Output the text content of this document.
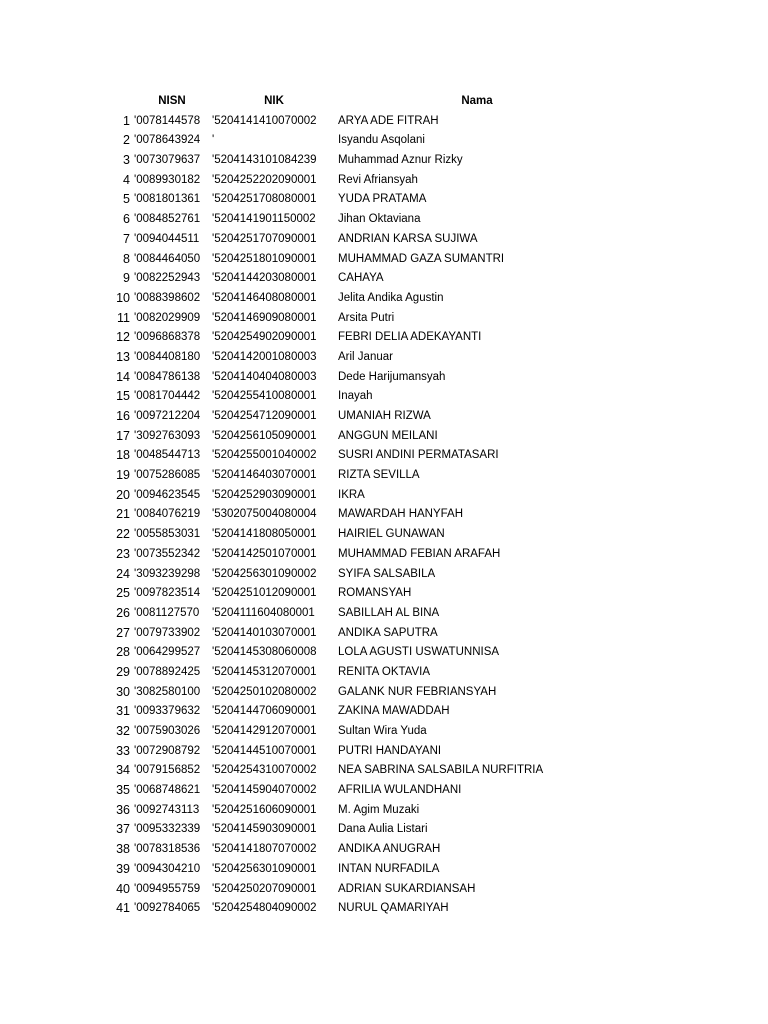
NISN	NIK	Nama
1 '0078144578 '5204141410070002 ARYA ADE FITRAH
2 '0078643924 '	Isyandu Asqolani
3 '0073079637 '5204143101084239 Muhammad Aznur Rizky
4 '0089930182 '5204252202090001 Revi Afriansyah
5 '0081801361 '5204251708080001 YUDA PRATAMA
6 '0084852761 '5204141901150002 Jihan Oktaviana
7 '0094044511 '5204251707090001 ANDRIAN KARSA SUJIWA
8 '0084464050 '5204251801090001 MUHAMMAD GAZA SUMANTRI
9 '0082252943 '5204144203080001 CAHAYA
10 '0088398602 '5204146408080001 Jelita Andika Agustin
11 '0082029909 '5204146909080001 Arsita Putri
12 '0096868378 '5204254902090001 FEBRI DELIA ADEKAYANTI
13 '0084408180 '5204142001080003 Aril Januar
14 '0084786138 '5204140404080003 Dede Harijumansyah
15 '0081704442 '5204255410080001 Inayah
16 '0097212204 '5204254712090001 UMANIAH RIZWA
17 '3092763093 '5204256105090001 ANGGUN MEILANI
18 '0048544713 '5204255001040002 SUSRI ANDINI PERMATASARI
19 '0075286085 '5204146403070001 RIZTA SEVILLA
20 '0094623545 '5204252903090001 IKRA
21 '0084076219 '5302075004080004 MAWARDAH HANYFAH
22 '0055853031 '5204141808050001 HAIRIEL GUNAWAN
23 '0073552342 '5204142501070001 MUHAMMAD FEBIAN ARAFAH
24 '3093239298 '5204256301090002 SYIFA SALSABILA
25 '0097823514 '5204251012090001 ROMANSYAH
26 '0081127570 '5204111604080001 SABILLAH AL BINA
27 '0079733902 '5204140103070001 ANDIKA SAPUTRA
28 '0064299527 '5204145308060008 LOLA AGUSTI USWATUNNISA
29 '0078892425 '5204145312070001 RENITA OKTAVIA
30 '3082580100 '5204250102080002 GALANK NUR FEBRIANSYAH
31 '0093379632 '5204144706090001 ZAKINA MAWADDAH
32 '0075903026 '5204142912070001 Sultan Wira Yuda
33 '0072908792 '5204144510070001 PUTRI HANDAYANI
34 '0079156852 '5204254310070002 NEA SABRINA SALSABILA NURFITRIA
35 '0068748621 '5204145904070002 AFRILIA WULANDHANI
36 '0092743113 '5204251606090001 M. Agim Muzaki
37 '0095332339 '5204145903090001 Dana Aulia Listari
38 '0078318536 '5204141807070002 ANDIKA ANUGRAH
39 '0094304210 '5204256301090001 INTAN NURFADILA
40 '0094955759 '5204250207090001 ADRIAN SUKARDIANSAH
41 '0092784065 '5204254804090002 NURUL QAMARIYAH
